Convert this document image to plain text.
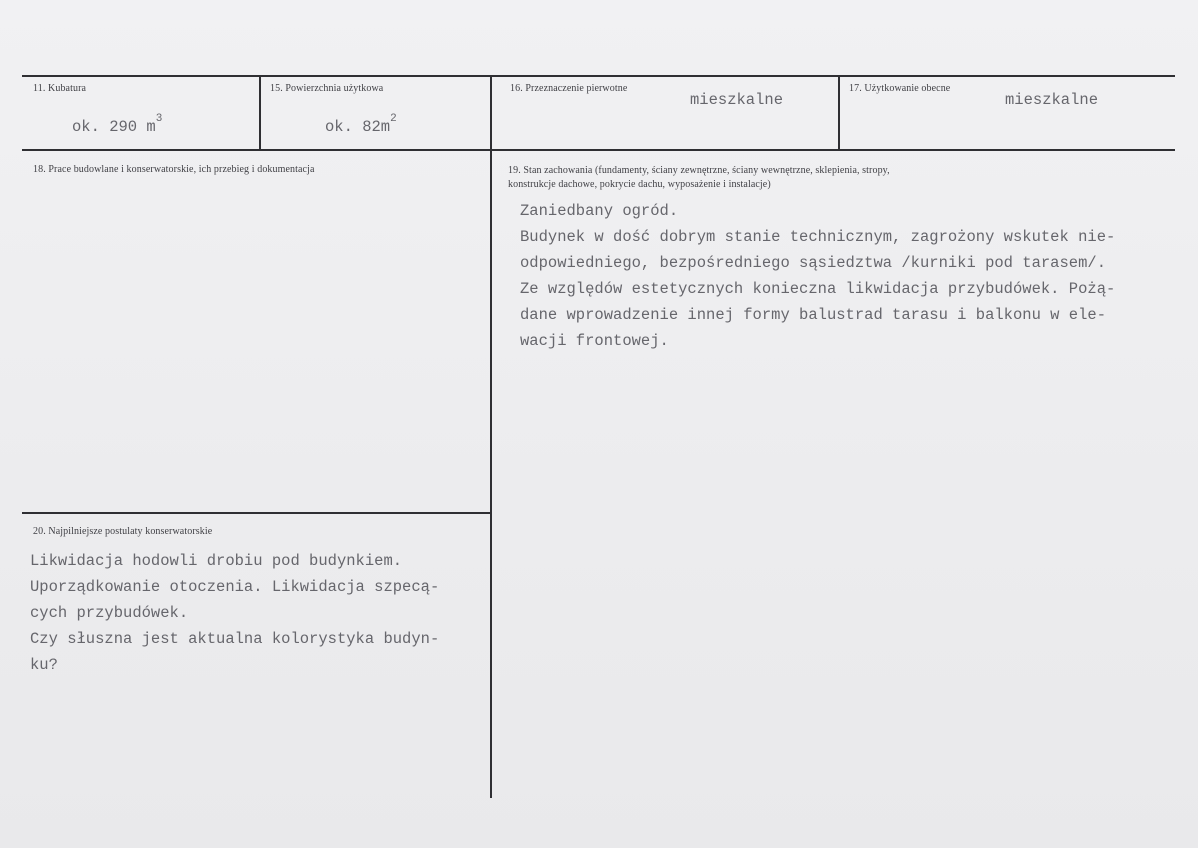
11. Kubatura
ok. 290 $m^3$
15. Powierzchnia użytkowa
ok. $82m^2$
16. Przeznaczenie pierwotne
mieszkalne
17. Użytkowanie obecne
mieszkalne
18. Prace budowlane i konserwatorskie, ich przebieg i dokumentacja	19. Stan zachowania (fundamenty, ściany zewnętrzne, ściany wewnętrzne, sklepienia, stropy,
konstrukcje dachowe, pokrycie dachu, wyposażenie i instalacje)
Zaniedbany ogród.
Budynek w dość dobrym stanie technicznym, zagrożony wskutek nie-
odpowiedniego, bezpośredniego sąsiedztwa /kurniki pod tarasem/.
Ze względów estetycznych konieczna likwidacja przybudówek. Pożą-
dane wprowadzenie innej formy balustrad tarasu i balkonu w ele-
wacji frontowej.
20. Najpilniejsze postulaty konserwatorskie
Likwidacja hodowli drobiu pod budynkiem.
Uporządkowanie otoczenia. Likwidacja szpecą-
cych przybudówek.
Czy słuszna jest aktualna kolorystyka budyn-
ku?
